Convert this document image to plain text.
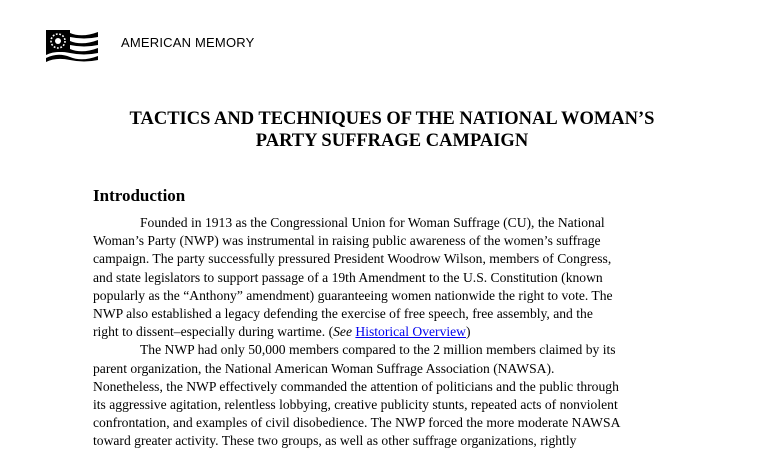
AMERICAN MEMORY
TACTICS AND TECHNIQUES OF THE NATIONAL WOMAN’S
PARTY SUFFRAGE CAMPAIGN
Introduction
Founded in 1913 as the Congressional Union for Woman Suffrage (CU), the National
Woman’s Party (NWP) was instrumental in raising public awareness of the women’s suffrage
campaign. The party successfully pressured President Woodrow Wilson, members of Congress,
and state legislators to support passage of a 19th Amendment to the U.S. Constitution (known
popularly as the “Anthony” amendment) guaranteeing women nationwide the right to vote. The
NWP also established a legacy defending the exercise of free speech, free assembly, and the
right to dissent–especially during wartime. (See Historical Overview)
The NWP had only 50,000 members compared to the 2 million members claimed by its
parent organization, the National American Woman Suffrage Association (NAWSA).
Nonetheless, the NWP effectively commanded the attention of politicians and the public through
its aggressive agitation, relentless lobbying, creative publicity stunts, repeated acts of nonviolent
confrontation, and examples of civil disobedience. The NWP forced the more moderate NAWSA
toward greater activity. These two groups, as well as other suffrage organizations, rightly
